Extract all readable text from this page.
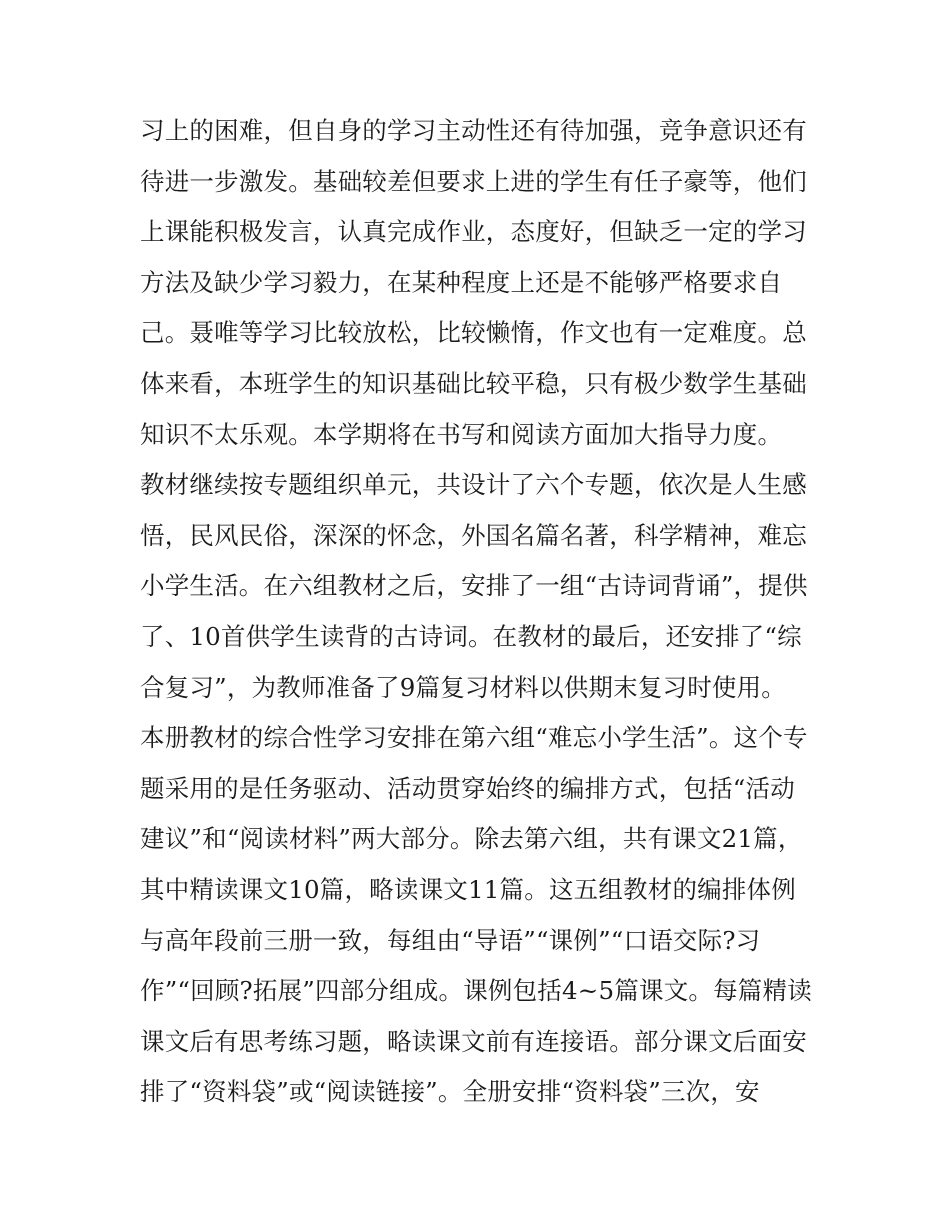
习上的困难，但自身的学习主动性还有待加强，竞争意识还有
待进一步激发。基础较差但要求上进的学生有任子豪等，他们
上课能积极发言，认真完成作业，态度好，但缺乏一定的学习
方法及缺少学习毅力，在某种程度上还是不能够严格要求自
己。聂唯等学习比较放松，比较懒惰，作文也有一定难度。总
体来看，本班学生的知识基础比较平稳，只有极少数学生基础
知识不太乐观。本学期将在书写和阅读方面加大指导力度。
教材继续按专题组织单元，共设计了六个专题，依次是人生感
悟，民风民俗，深深的怀念，外国名篇名著，科学精神，难忘
小学生活。在六组教材之后，安排了一组“古诗词背诵”，提供
了、10首供学生读背的古诗词。在教材的最后，还安排了“综
合复习”，为教师准备了9篇复习材料以供期末复习时使用。
本册教材的综合性学习安排在第六组“难忘小学生活”。这个专
题采用的是任务驱动、活动贯穿始终的编排方式，包括“活动
建议”和“阅读材料”两大部分。除去第六组，共有课文21篇，
其中精读课文10篇，略读课文11篇。这五组教材的编排体例
与高年段前三册一致，每组由“导语”“课例”“口语交际?习
作”“回顾?拓展”四部分组成。课例包括4~5篇课文。每篇精读
课文后有思考练习题，略读课文前有连接语。部分课文后面安
排了“资料袋”或“阅读链接”。全册安排“资料袋”三次，安
